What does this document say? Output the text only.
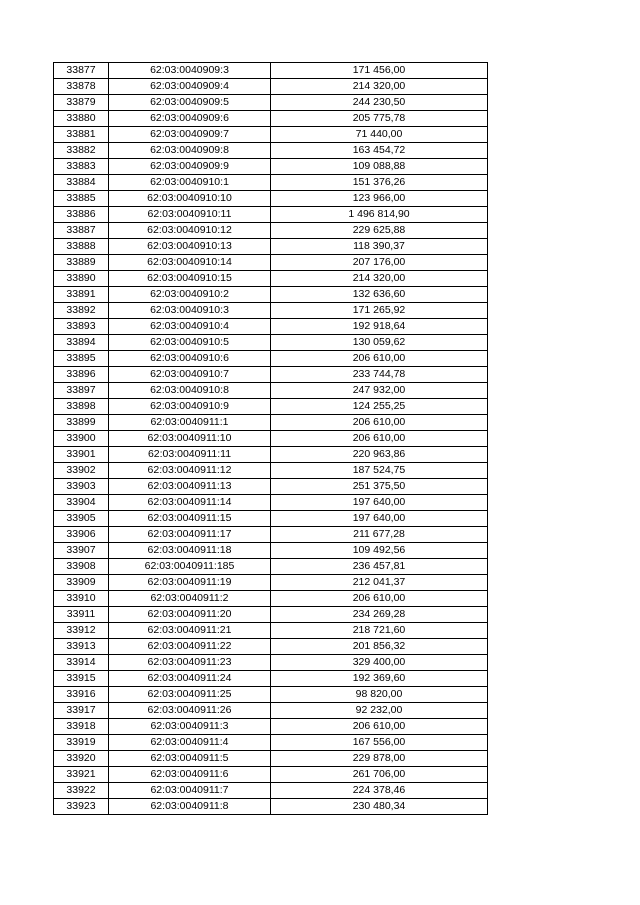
33877	62:03:0040909:3	171 456,00
33878	62:03:0040909:4	214 320,00
33879	62:03:0040909:5	244 230,50
33880	62:03:0040909:6	205 775,78
33881	62:03:0040909:7	71 440,00
33882	62:03:0040909:8	163 454,72
33883	62:03:0040909:9	109 088,88
33884	62:03:0040910:1	151 376,26
33885	62:03:0040910:10	123 966,00
33886	62:03:0040910:11	1 496 814,90
33887	62:03:0040910:12	229 625,88
33888	62:03:0040910:13	118 390,37
33889	62:03:0040910:14	207 176,00
33890	62:03:0040910:15	214 320,00
33891	62:03:0040910:2	132 636,60
33892	62:03:0040910:3	171 265,92
33893	62:03:0040910:4	192 918,64
33894	62:03:0040910:5	130 059,62
33895	62:03:0040910:6	206 610,00
33896	62:03:0040910:7	233 744,78
33897	62:03:0040910:8	247 932,00
33898	62:03:0040910:9	124 255,25
33899	62:03:0040911:1	206 610,00
33900	62:03:0040911:10	206 610,00
33901	62:03:0040911:11	220 963,86
33902	62:03:0040911:12	187 524,75
33903	62:03:0040911:13	251 375,50
33904	62:03:0040911:14	197 640,00
33905	62:03:0040911:15	197 640,00
33906	62:03:0040911:17	211 677,28
33907	62:03:0040911:18	109 492,56
33908	62:03:0040911:185	236 457,81
33909	62:03:0040911:19	212 041,37
33910	62:03:0040911:2	206 610,00
33911	62:03:0040911:20	234 269,28
33912	62:03:0040911:21	218 721,60
33913	62:03:0040911:22	201 856,32
33914	62:03:0040911:23	329 400,00
33915	62:03:0040911:24	192 369,60
33916	62:03:0040911:25	98 820,00
33917	62:03:0040911:26	92 232,00
33918	62:03:0040911:3	206 610,00
33919	62:03:0040911:4	167 556,00
33920	62:03:0040911:5	229 878,00
33921	62:03:0040911:6	261 706,00
33922	62:03:0040911:7	224 378,46
33923	62:03:0040911:8	230 480,34
